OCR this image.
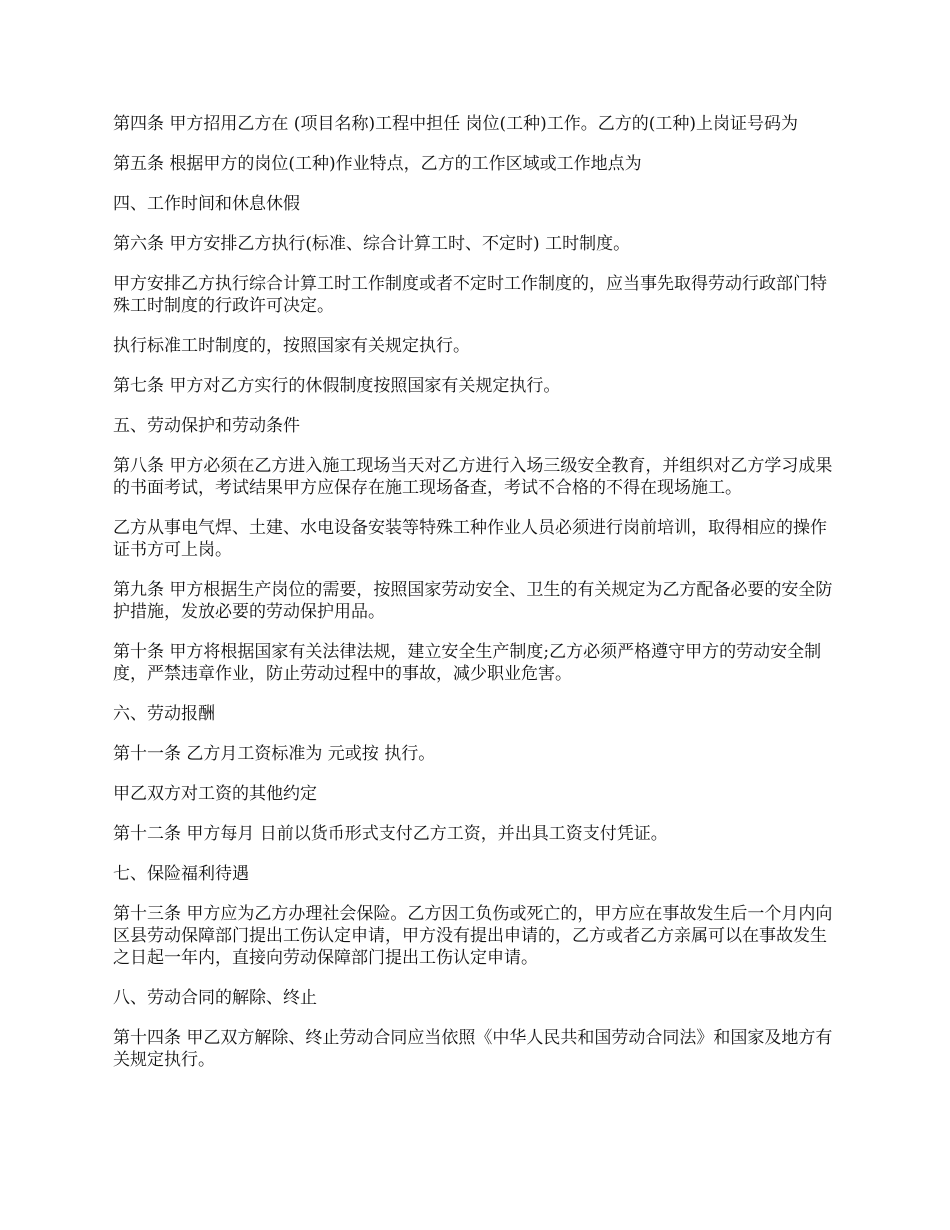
第四条 甲方招用乙方在 (项目名称)工程中担任 岗位(工种)工作。乙方的(工种)上岗证号码为

第五条 根据甲方的岗位(工种)作业特点，乙方的工作区域或工作地点为

四、工作时间和休息休假

第六条 甲方安排乙方执行(标准、综合计算工时、不定时) 工时制度。

甲方安排乙方执行综合计算工时工作制度或者不定时工作制度的，应当事先取得劳动行政部门特殊工时制度的行政许可决定。

执行标准工时制度的，按照国家有关规定执行。

第七条 甲方对乙方实行的休假制度按照国家有关规定执行。

五、劳动保护和劳动条件

第八条 甲方必须在乙方进入施工现场当天对乙方进行入场三级安全教育，并组织对乙方学习成果的书面考试，考试结果甲方应保存在施工现场备查，考试不合格的不得在现场施工。

乙方从事电气焊、土建、水电设备安装等特殊工种作业人员必须进行岗前培训，取得相应的操作证书方可上岗。

第九条 甲方根据生产岗位的需要，按照国家劳动安全、卫生的有关规定为乙方配备必要的安全防护措施，发放必要的劳动保护用品。

第十条 甲方将根据国家有关法律法规，建立安全生产制度;乙方必须严格遵守甲方的劳动安全制度，严禁违章作业，防止劳动过程中的事故，减少职业危害。

六、劳动报酬

第十一条 乙方月工资标准为 元或按 执行。

甲乙双方对工资的其他约定

第十二条 甲方每月 日前以货币形式支付乙方工资，并出具工资支付凭证。

七、保险福利待遇

第十三条 甲方应为乙方办理社会保险。乙方因工负伤或死亡的，甲方应在事故发生后一个月内向区县劳动保障部门提出工伤认定申请，甲方没有提出申请的，乙方或者乙方亲属可以在事故发生之日起一年内，直接向劳动保障部门提出工伤认定申请。

八、劳动合同的解除、终止

第十四条 甲乙双方解除、终止劳动合同应当依照《中华人民共和国劳动合同法》和国家及地方有关规定执行。
